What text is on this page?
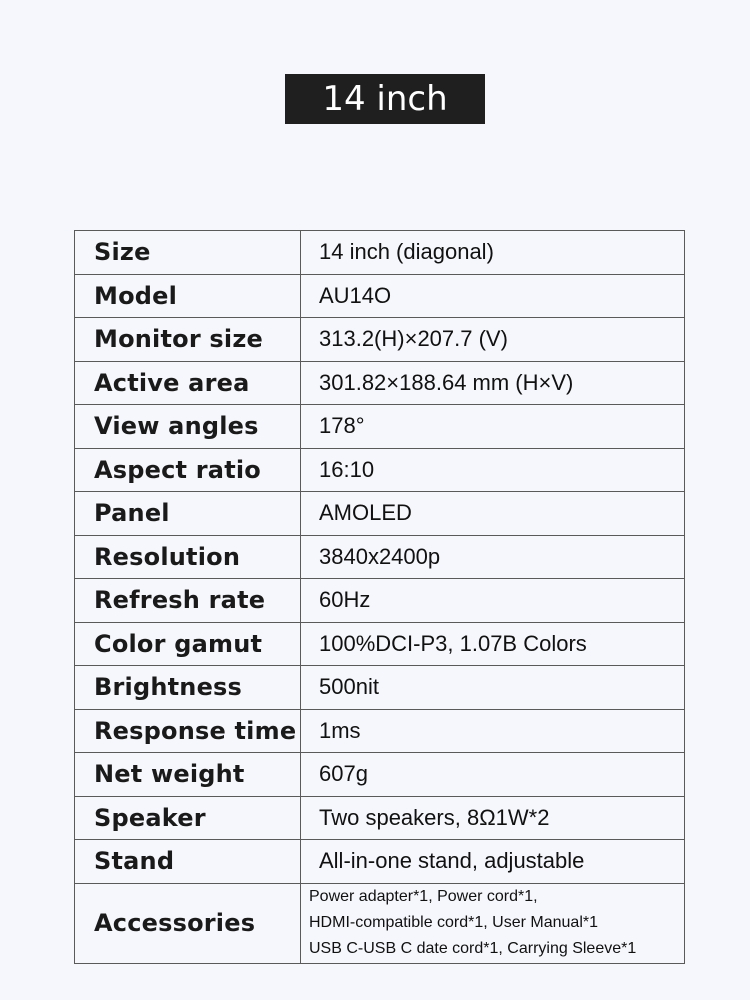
14 inch
Size	14 inch (diagonal)
Model	AU14O
Monitor size	313.2(H)×207.7 (V)
Active area	301.82×188.64 mm (H×V)
View angles	178°
Aspect ratio	16:10
Panel	AMOLED
Resolution	3840x2400p
Refresh rate	60Hz
Color gamut	100%DCI-P3, 1.07B Colors
Brightness	500nit
Response time	1ms
Net weight	607g
Speaker	Two speakers, 8Ω1W*2
Stand	All-in-one stand, adjustable
Accessories	Power adapter*1, Power cord*1,
HDMI-compatible cord*1, User Manual*1
USB C-USB C date cord*1, Carrying Sleeve*1
